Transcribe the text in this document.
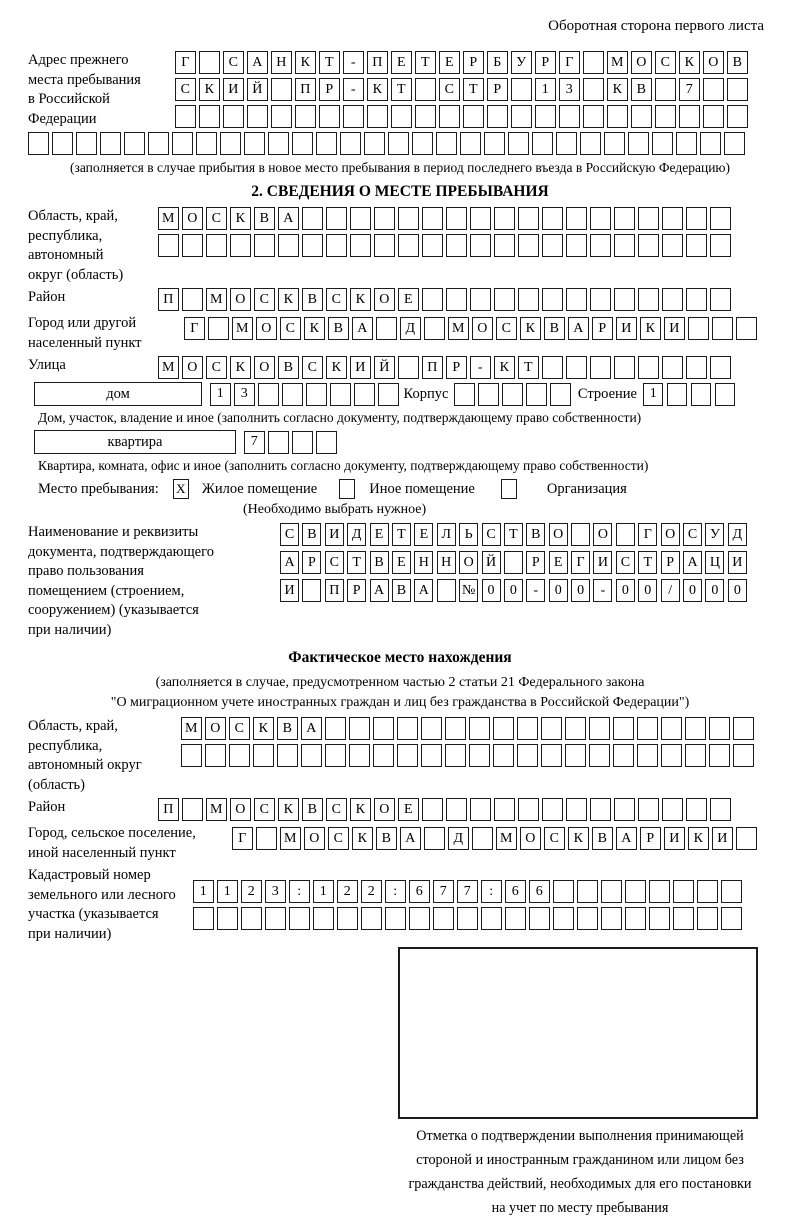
Оборотная сторона первого листа
Адрес прежнего
места пребывания
в Российской
Федерации
Г	С	А Н	К	Т	-	П	Е	Т	Е	Р	Б	У	Р	Г	М О	С	К	О	В
С	К	И Й	П	Р	-	К	Т	С	Т	Р	1	3	К	В	7
(заполняется в случае прибытия в новое место пребывания в период последнего въезда в Российскую Федерацию)
2. СВЕДЕНИЯ О МЕСТЕ ПРЕБЫВАНИЯ
Область, край,
республика,
автономный
округ (область)
М О	С	К	В	А
Район	П	М О	С	К	В	С	К	О	Е
Город или другой
населенный пункт
Г	М О	С	К	В	А	Д	М О	С	К	В	А	Р	И	К	И
Улица	М О	С	К	О	В	С	К	И Й	П	Р	-	К	Т
дом	1	3	Корпус	Строение 1
Дом, участок, владение и иное (заполнить согласно документу, подтверждающему право собственности)
квартира	7
Квартира, комната, офис и иное (заполнить согласно документу, подтверждающему право собственности)
Место пребывания: X Жилое помещение	Иное помещение	Организация
(Необходимо выбрать нужное)
Наименование и реквизиты
документа, подтверждающего
право пользования
помещением (строением,
сооружением) (указывается
при наличии)
С В И Д Е Т Е Л Ь С Т В О	О	Г О С У Д
А Р С Т В Е Н Н О Й	Р	Е	Г И С Т	Р А Ц И
И	П Р А В А	№ 0	0	-	0	0	-	0	0	/	0	0	0
Фактическое место нахождения
(заполняется в случае, предусмотренном частью 2 статьи 21 Федерального закона
"О миграционном учете иностранных граждан и лиц без гражданства в Российской Федерации")
Область, край,
республика,
автономный округ
(область)
М О	С	К	В	А
Район	П	М О	С	К	В	С	К	О	Е
Город, сельское поселение,
иной населенный пункт
Г	М О	С	К	В	А	Д	М О	С	К	В	А	Р	И	К	И
Кадастровый номер
земельного или лесного
участка (указывается
при наличии)
1	1	2	3	:	1	2	2	:	6	7	7	:	6	6
Отметка о подтверждении выполнения принимающей
стороной и иностранным гражданином или лицом без
гражданства действий, необходимых для его постановки
на учет по месту пребывания
